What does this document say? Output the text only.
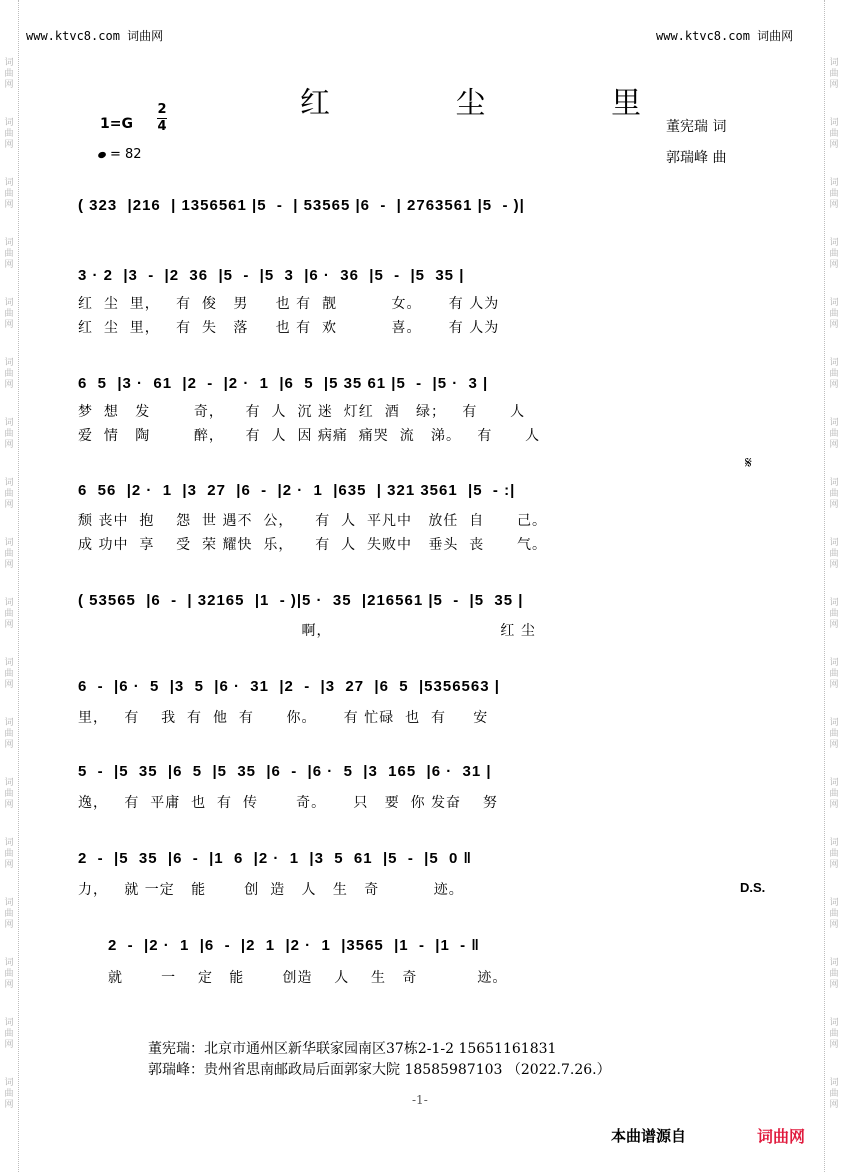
词
曲
网
词
曲
网
词
曲
网
词
曲
网
词
曲
网
词
曲
网
词
曲
网
词
曲
网
词
曲
网
词
曲
网
词
曲
网
词
曲
网
词
曲
网
词
曲
网
词
曲
网
词
曲
网
词
曲
网
词
曲
网
词
曲
网
词
曲
网
词
曲
网
词
曲
网
词
曲
网
词
曲
网
词
曲
网
词
曲
网
词
曲
网
词
曲
网
词
曲
网
词
曲
网
词
曲
网
词
曲
网
词
曲
网
词
曲
网
词
曲
网
词
曲
网
www.ktvc8.com 词曲网	www.ktvc8.com 词曲网
红 尘 里
1=G
2
4
= 82
董宪瑞 词
郭瑞峰 曲
( 323  |216  | 1356561 |5  -  | 53565 |6  -  | 2763561 |5  - )|
3 · 2  |3  -  |2  36  |5  -  |5  3  |6 ·  36  |5  -  |5  35 |
红  尘  里，   有  俊   男     也 有  靓          女。     有 人为
红  尘  里，   有  失   落     也 有  欢          喜。     有 人为
6  5  |3 ·  61  |2  -  |2 ·  1  |6  5  |5 35 61 |5  -  |5 ·  3 |
梦  想   发        奇，    有  人  沉 迷  灯红  酒   绿；   有      人
爱  情   陶        醉，    有  人  因 病痛  痛哭  流   涕。   有      人
6  56  |2 ·  1  |3  27  |6  -  |2 ·  1  |635  | 321 3561  |5  - :|
颓 丧中  抱    怨  世 遇不  公，    有  人  平凡中   放任  自      己。
成 功中  享    受  荣 耀快  乐，    有  人  失败中   垂头  丧      气。
𝄋
( 53565  |6  -  | 32165  |1  - )|5 ·  35  |216561 |5  -  |5  35 |
啊，                               红 尘
6  -  |6 ·  5  |3  5  |6 ·  31  |2  -  |3  27  |6  5  |5356563 |
里，   有    我  有  他  有      你。     有 忙碌  也  有     安
5  -  |5  35  |6  5  |5  35  |6  -  |6 ·  5  |3  165  |6 ·  31 |
逸，   有  平庸  也  有  传       奇。     只   要  你 发奋    努
2  -  |5  35  |6  -  |1  6  |2 ·  1  |3  5  61  |5  -  |5  0 ‖
力，   就 一定   能       创  造   人   生   奇          迹。	D.S.
2  -  |2 ·  1  |6  -  |2  1  |2 ·  1  |3565  |1  -  |1  - ‖
就       一    定   能       创造    人    生   奇           迹。
董宪瑞：北京市通州区新华联家园南区37栋2-1-2 15651161831
郭瑞峰：贵州省思南邮政局后面郭家大院 18585987103 （2022.7.26.）
-1-
本曲谱源自	词曲网
